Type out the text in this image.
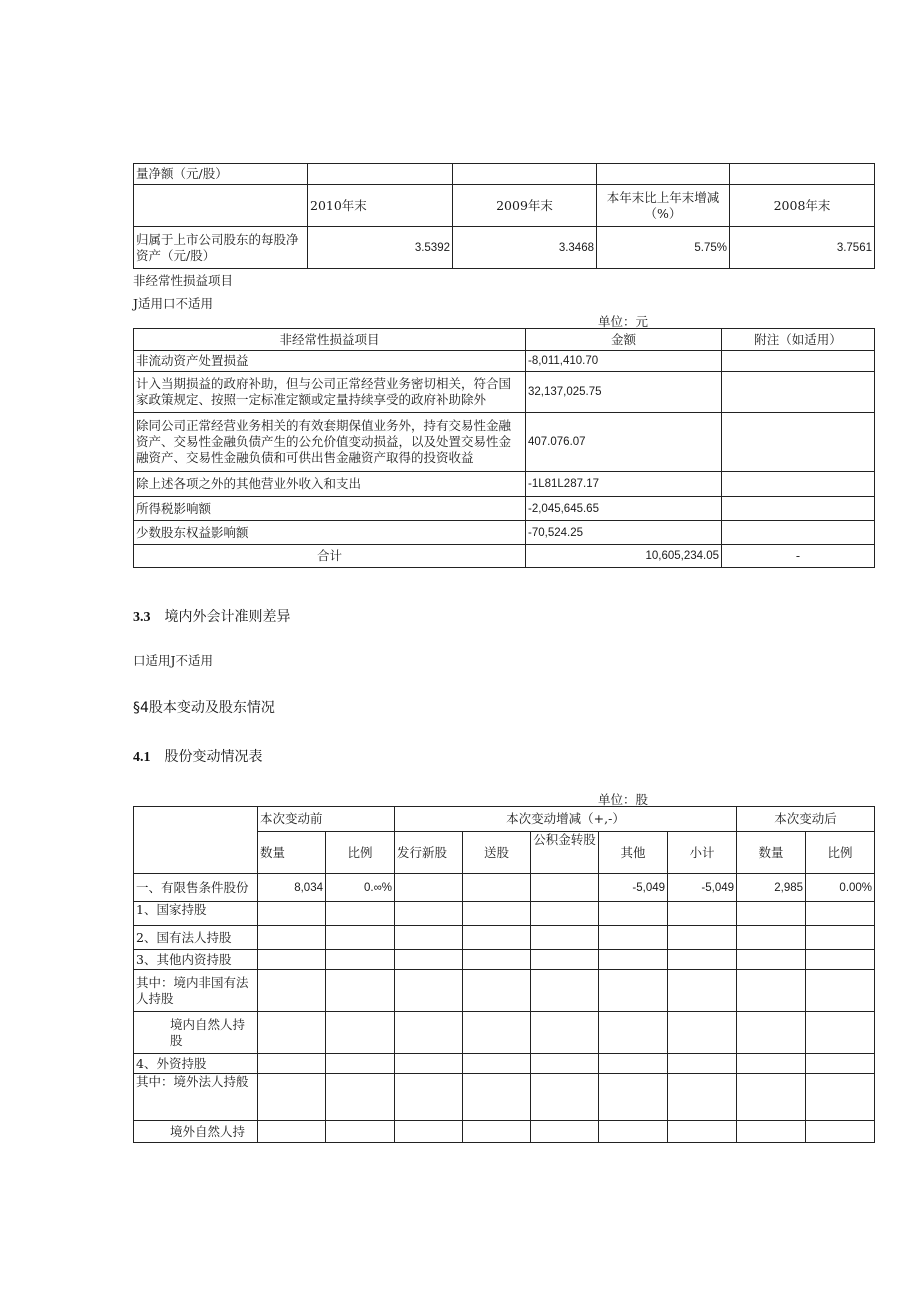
量净额（元/股）				
	2010年末	2009年末	本年末比上年末增减（%）	2008年末
归属于上市公司股东的每股净资产（元/股）	3.5392	3.3468	5.75%	3.7561
非经常性损益项目
J适用口不适用
单位：元
非经常性损益项目	金额	附注（如适用）
非流动资产处置损益	-8,011,410.70	
计入当期损益的政府补助，但与公司正常经营业务密切相关，符合国家政策规定、按照一定标准定额或定量持续享受的政府补助除外	32,137,025.75	
除同公司正常经营业务相关的有效套期保值业务外，持有交易性金融资产、交易性金融负债产生的公允价值变动损益，以及处置交易性金融资产、交易性金融负债和可供出售金融资产取得的投资收益	407.076.07	
除上述各项之外的其他营业外收入和支出	-1L81L287.17	
所得税影响额	-2,045,645.65	
少数股东权益影响额	-70,524.25	
合计	10,605,234.05	-
3.3 境内外会计准则差异
口适用J不适用
§4股本变动及股东情况
4.1 股份变动情况表
单位：股
	本次变动前		本次变动增减（+,-）					本次变动后	
	数量	比例	发行新股	送股	公积金转股	其他	小计	数量	比例
一、有限售条件股份	8,034	0.∞%				-5,049	-5,049	2,985	0.00%
1、国家持股									
2、国有法人持股									
3、其他内资持股									
其中：境内非国有法人持股									
境内自然人持股									
4、外资持股									
其中：境外法人持般									
境外自然人持									
